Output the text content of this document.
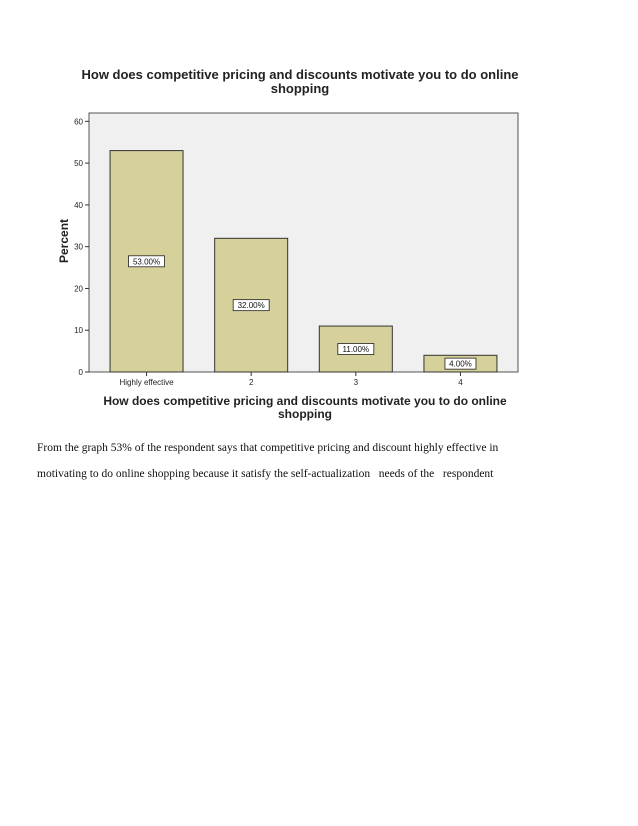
How does competitive pricing and discounts motivate you to do online shopping
0
10
20
30
40
50
60
Highly effective	2	3	4
53.00%
32.00%
11.00%
4.00%
Percent
How does competitive pricing and discounts motivate you to do online shopping

From the graph 53% of the respondent says that competitive pricing and discount highly effective in

motivating to do online shopping because it satisfy the self-actualization   needs of the   respondent
